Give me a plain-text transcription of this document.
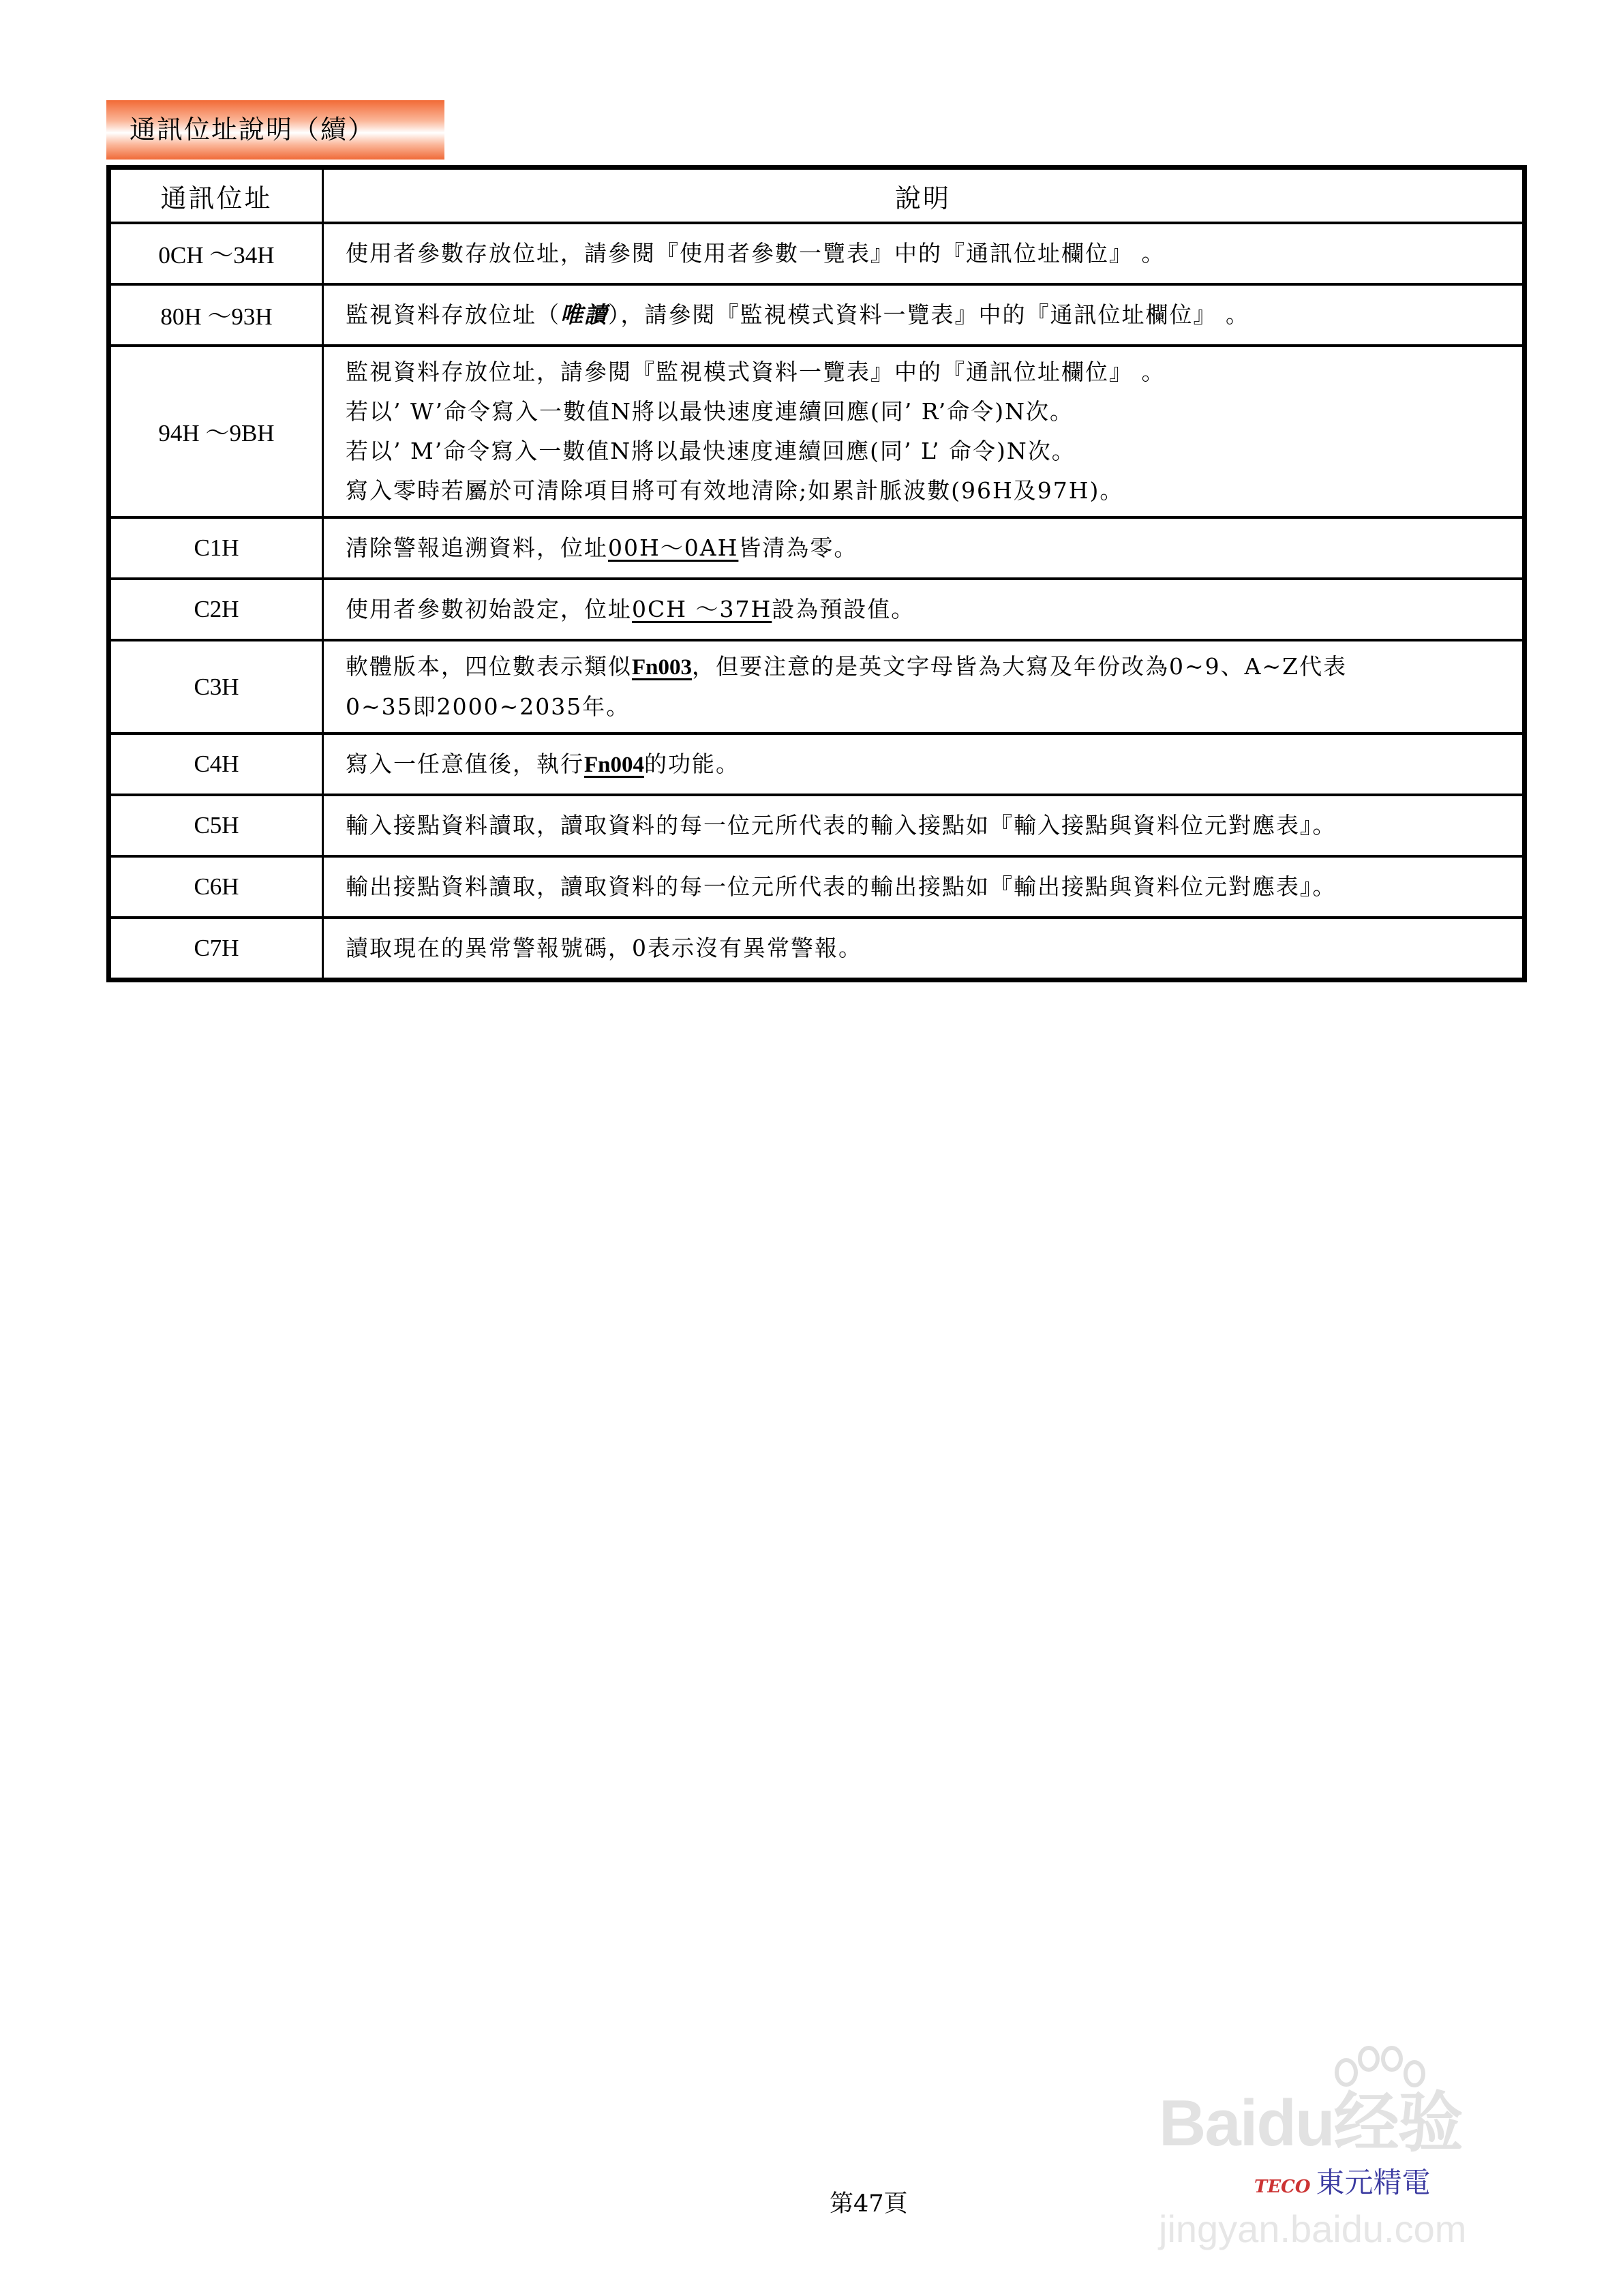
通訊位址說明（續）
通訊位址	說明
0CH ～34H	使用者參數存放位址，請參閱『使用者參數一覽表』中的『通訊位址欄位』 。

80H ～93H	監視資料存放位址（唯讀），請參閱『監視模式資料一覽表』中的『通訊位址欄位』 。

94H ～9BH	監視資料存放位址，請參閱『監視模式資料一覽表』中的『通訊位址欄位』 。
若以’ W’命令寫入一數值N將以最快速度連續回應(同’ R’命令)N次。
若以’ M’命令寫入一數值N將以最快速度連續回應(同’ L’ 命令)N次。
寫入零時若屬於可清除項目將可有效地清除;如累計脈波數(96H及97H)。

C1H	清除警報追溯資料，位址00H～0AH皆清為零。

C2H	使用者參數初始設定，位址0CH ～37H設為預設值。

C3H	軟體版本，四位數表示類似Fn003，但要注意的是英文字母皆為大寫及年份改為0~9、A~Z代表
0~35即2000~2035年。

C4H	寫入一任意值後，執行Fn004的功能。

C5H	輸入接點資料讀取，讀取資料的每一位元所代表的輸入接點如『輸入接點與資料位元對應表』。

C6H	輸出接點資料讀取，讀取資料的每一位元所代表的輸出接點如『輸出接點與資料位元對應表』。

C7H	讀取現在的異常警報號碼，0表示沒有異常警報。
第47頁
Baidu经验
TECO 東元精電
jingyan.baidu.com
